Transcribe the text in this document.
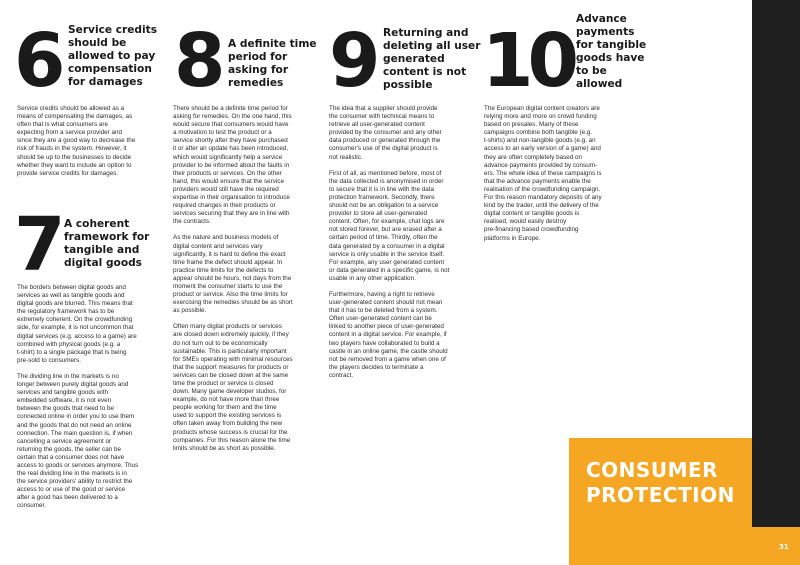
6 Service credits
should be
allowed to pay
compensation
for damages

Service credits should be allowed as a
means of compensating the damages, as
often that is what consumers are
expecting from a service provider and
since they are a good way to decrease the
risk of frauds in the system. However, it
should be up to the businesses to decide
whether they want to include an option to
provide service credits for damages.

7 A coherent
framework for
tangible and
digital goods

The borders between digital goods and
services as well as tangible goods and
digital goods are blurred. This means that
the regulatory framework has to be
extremely coherent. On the crowdfunding
side, for example, it is not uncommon that
digital services (e.g. access to a game) are
combined with physical goods (e.g. a
t-shirt) to a single package that is being
pre-sold to consumers.

The dividing line in the markets is no
longer between purely digital goods and
services and tangible goods with
embedded software, it is not even
between the goods that need to be
connected online in order you to use them
and the goods that do not need an online
connection. The main question is, if when
cancelling a service agreement or
returning the goods, the seller can be
certain that a consumer does not have
access to goods or services anymore. Thus
the real dividing line in the markets is in
the service providers' ability to restrict the
access to or use of the good or service
after a good has been delivered to a
consumer.

8 A definite time
period for
asking for
remedies

There should be a definite time period for
asking for remedies. On the one hand, this
would secure that consumers would have
a motivation to test the product or a
service shortly after they have purchased
it or after an update has been introduced,
which would significantly help a service
provider to be informed about the faults in
their products or services. On the other
hand, this would ensure that the service
providers would still have the required
expertise in their organisation to introduce
required changes in their products or
services securing that they are in line with
the contracts.

As the nature and business models of
digital content and services vary
significantly, it is hard to define the exact
time frame the defect should appear. In
practice time limits for the defects to
appear should be hours, not days from the
moment the consumer starts to use the
product or service. Also the time limits for
exercising the remedies should be as short
as possible.

Often many digital products or services
are closed down extremely quickly, if they
do not turn out to be economically
sustainable. This is particularly important
for SMEs operating with minimal resources
that the support measures for products or
services can be closed down at the same
time the product or service is closed
down. Many game developer studios, for
example, do not have more than three
people working for them and the time
used to support the existing services is
often taken away from building the new
products whose success is crucial for the
companies. For this reason alone the time
limits should be as short as possible.

9 Returning and
deleting all user
generated
content is not
possible

The idea that a supplier should provide
the consumer with technical means to
retrieve all user-generated content
provided by the consumer and any other
data produced or generated through the
consumer's use of the digital product is
not realistic.

First of all, as mentioned before, most of
the data collected is anonymised in order
to secure that it is in line with the data
protection framework. Secondly, there
should not be an obligation to a service
provider to store all user-generated
content. Often, for example, chat logs are
not stored forever, but are erased after a
certain period of time. Thirdly, often the
data generated by a consumer in a digital
service is only usable in the service itself.
For example, any user generated content
or data generated in a specific game, is not
usable in any other application.

Furthermore, having a right to retrieve
user-generated content should not mean
that it has to be deleted from a system.
Often user-generated content can be
linked to another piece of user-generated
content in a digital service. For example, if
two players have collaborated to build a
castle in an online game, the castle should
not be removed from a game when one of
the players decides to terminate a
contract.

10 Advance
payments
for tangible
goods have
to be
allowed

The European digital content creators are
relying more and more on crowd funding
based on presales. Many of these
campaigns combine both tangible (e.g.
t-shirts) and non-tangible goods (e.g. an
access to an early version of a game) and
they are often completely based on
advance payments provided by consum-
ers. The whole idea of these campaigns is
that the advance payments enable the
realisation of the crowdfunding campaign.
For this reason mandatory deposits of any
kind by the trader, until the delivery of the
digital content or tangible goods is
realised, would easily destroy
pre-financing based crowdfunding
platforms in Europe.

CONSUMER
PROTECTION
31
